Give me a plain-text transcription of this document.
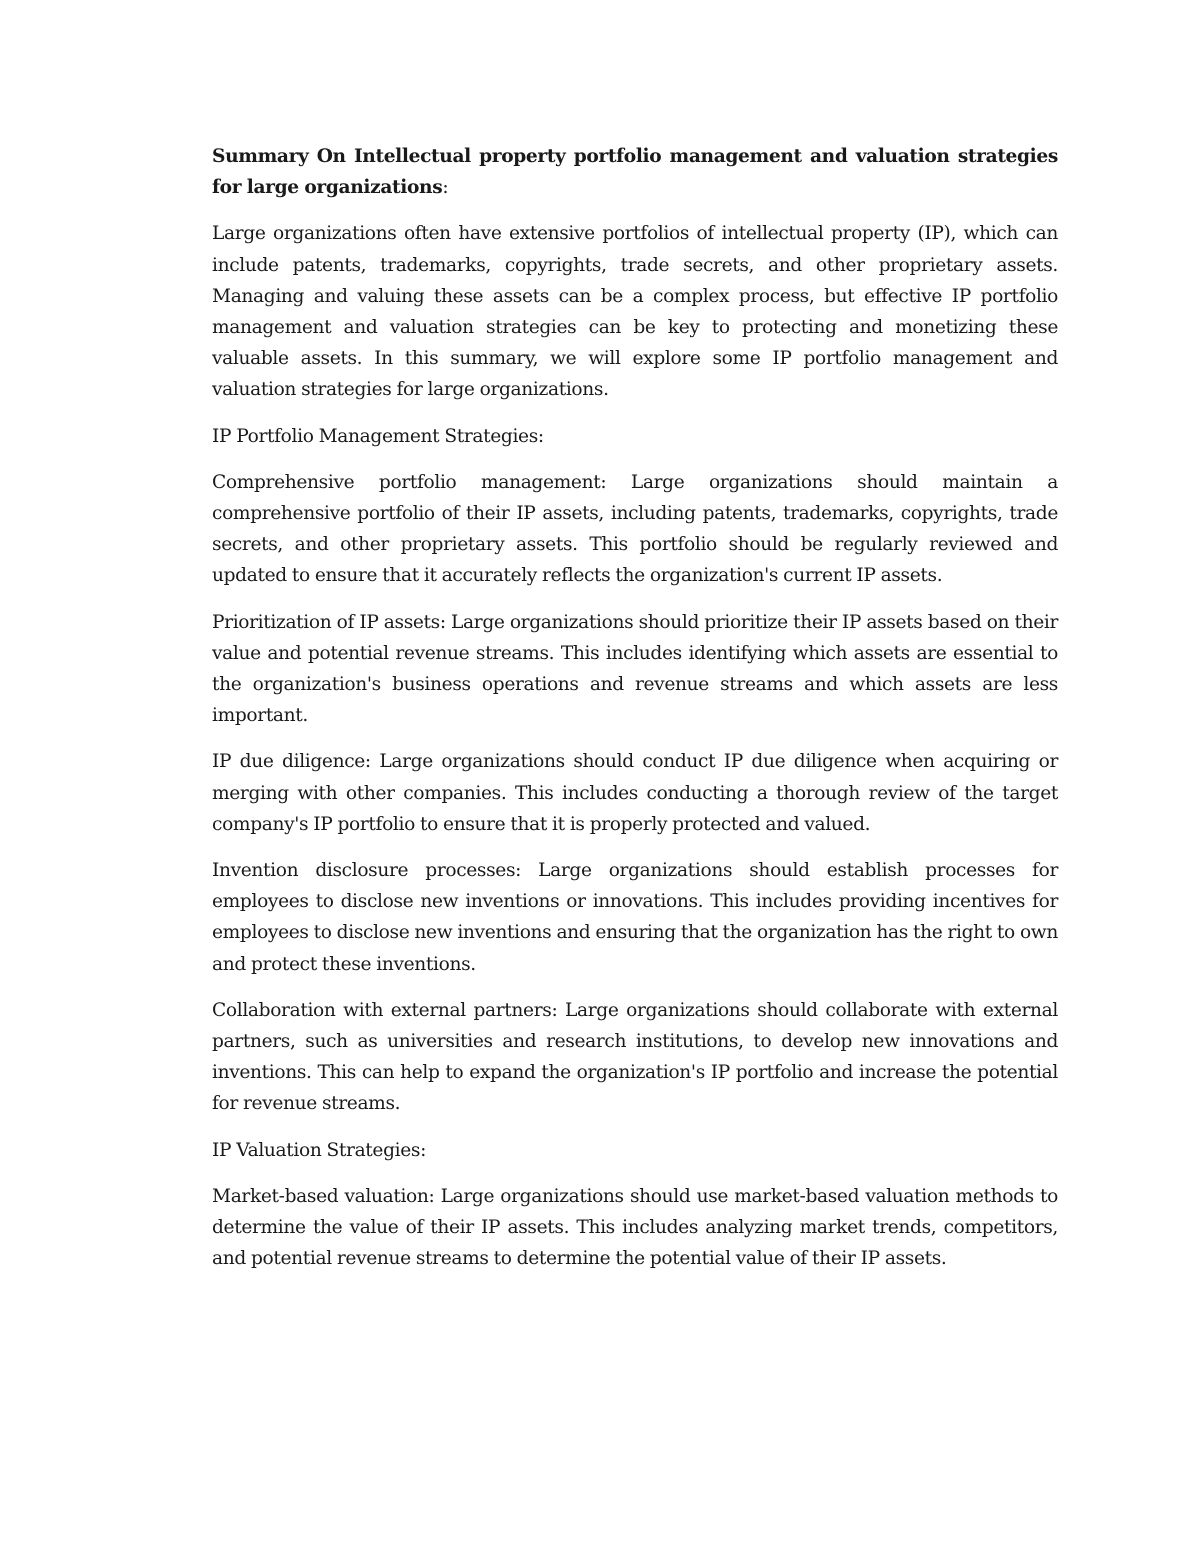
Summary On Intellectual property portfolio management and valuation strategies for large organizations:

Large organizations often have extensive portfolios of intellectual property (IP), which can include patents, trademarks, copyrights, trade secrets, and other proprietary assets. Managing and valuing these assets can be a complex process, but effective IP portfolio management and valuation strategies can be key to protecting and monetizing these valuable assets. In this summary, we will explore some IP portfolio management and valuation strategies for large organizations.

IP Portfolio Management Strategies:

Comprehensive portfolio management: Large organizations should maintain a comprehensive portfolio of their IP assets, including patents, trademarks, copyrights, trade secrets, and other proprietary assets. This portfolio should be regularly reviewed and updated to ensure that it accurately reflects the organization's current IP assets.

Prioritization of IP assets: Large organizations should prioritize their IP assets based on their value and potential revenue streams. This includes identifying which assets are essential to the organization's business operations and revenue streams and which assets are less important.

IP due diligence: Large organizations should conduct IP due diligence when acquiring or merging with other companies. This includes conducting a thorough review of the target company's IP portfolio to ensure that it is properly protected and valued.

Invention disclosure processes: Large organizations should establish processes for employees to disclose new inventions or innovations. This includes providing incentives for employees to disclose new inventions and ensuring that the organization has the right to own and protect these inventions.

Collaboration with external partners: Large organizations should collaborate with external partners, such as universities and research institutions, to develop new innovations and inventions. This can help to expand the organization's IP portfolio and increase the potential for revenue streams.

IP Valuation Strategies:

Market-based valuation: Large organizations should use market-based valuation methods to determine the value of their IP assets. This includes analyzing market trends, competitors, and potential revenue streams to determine the potential value of their IP assets.
